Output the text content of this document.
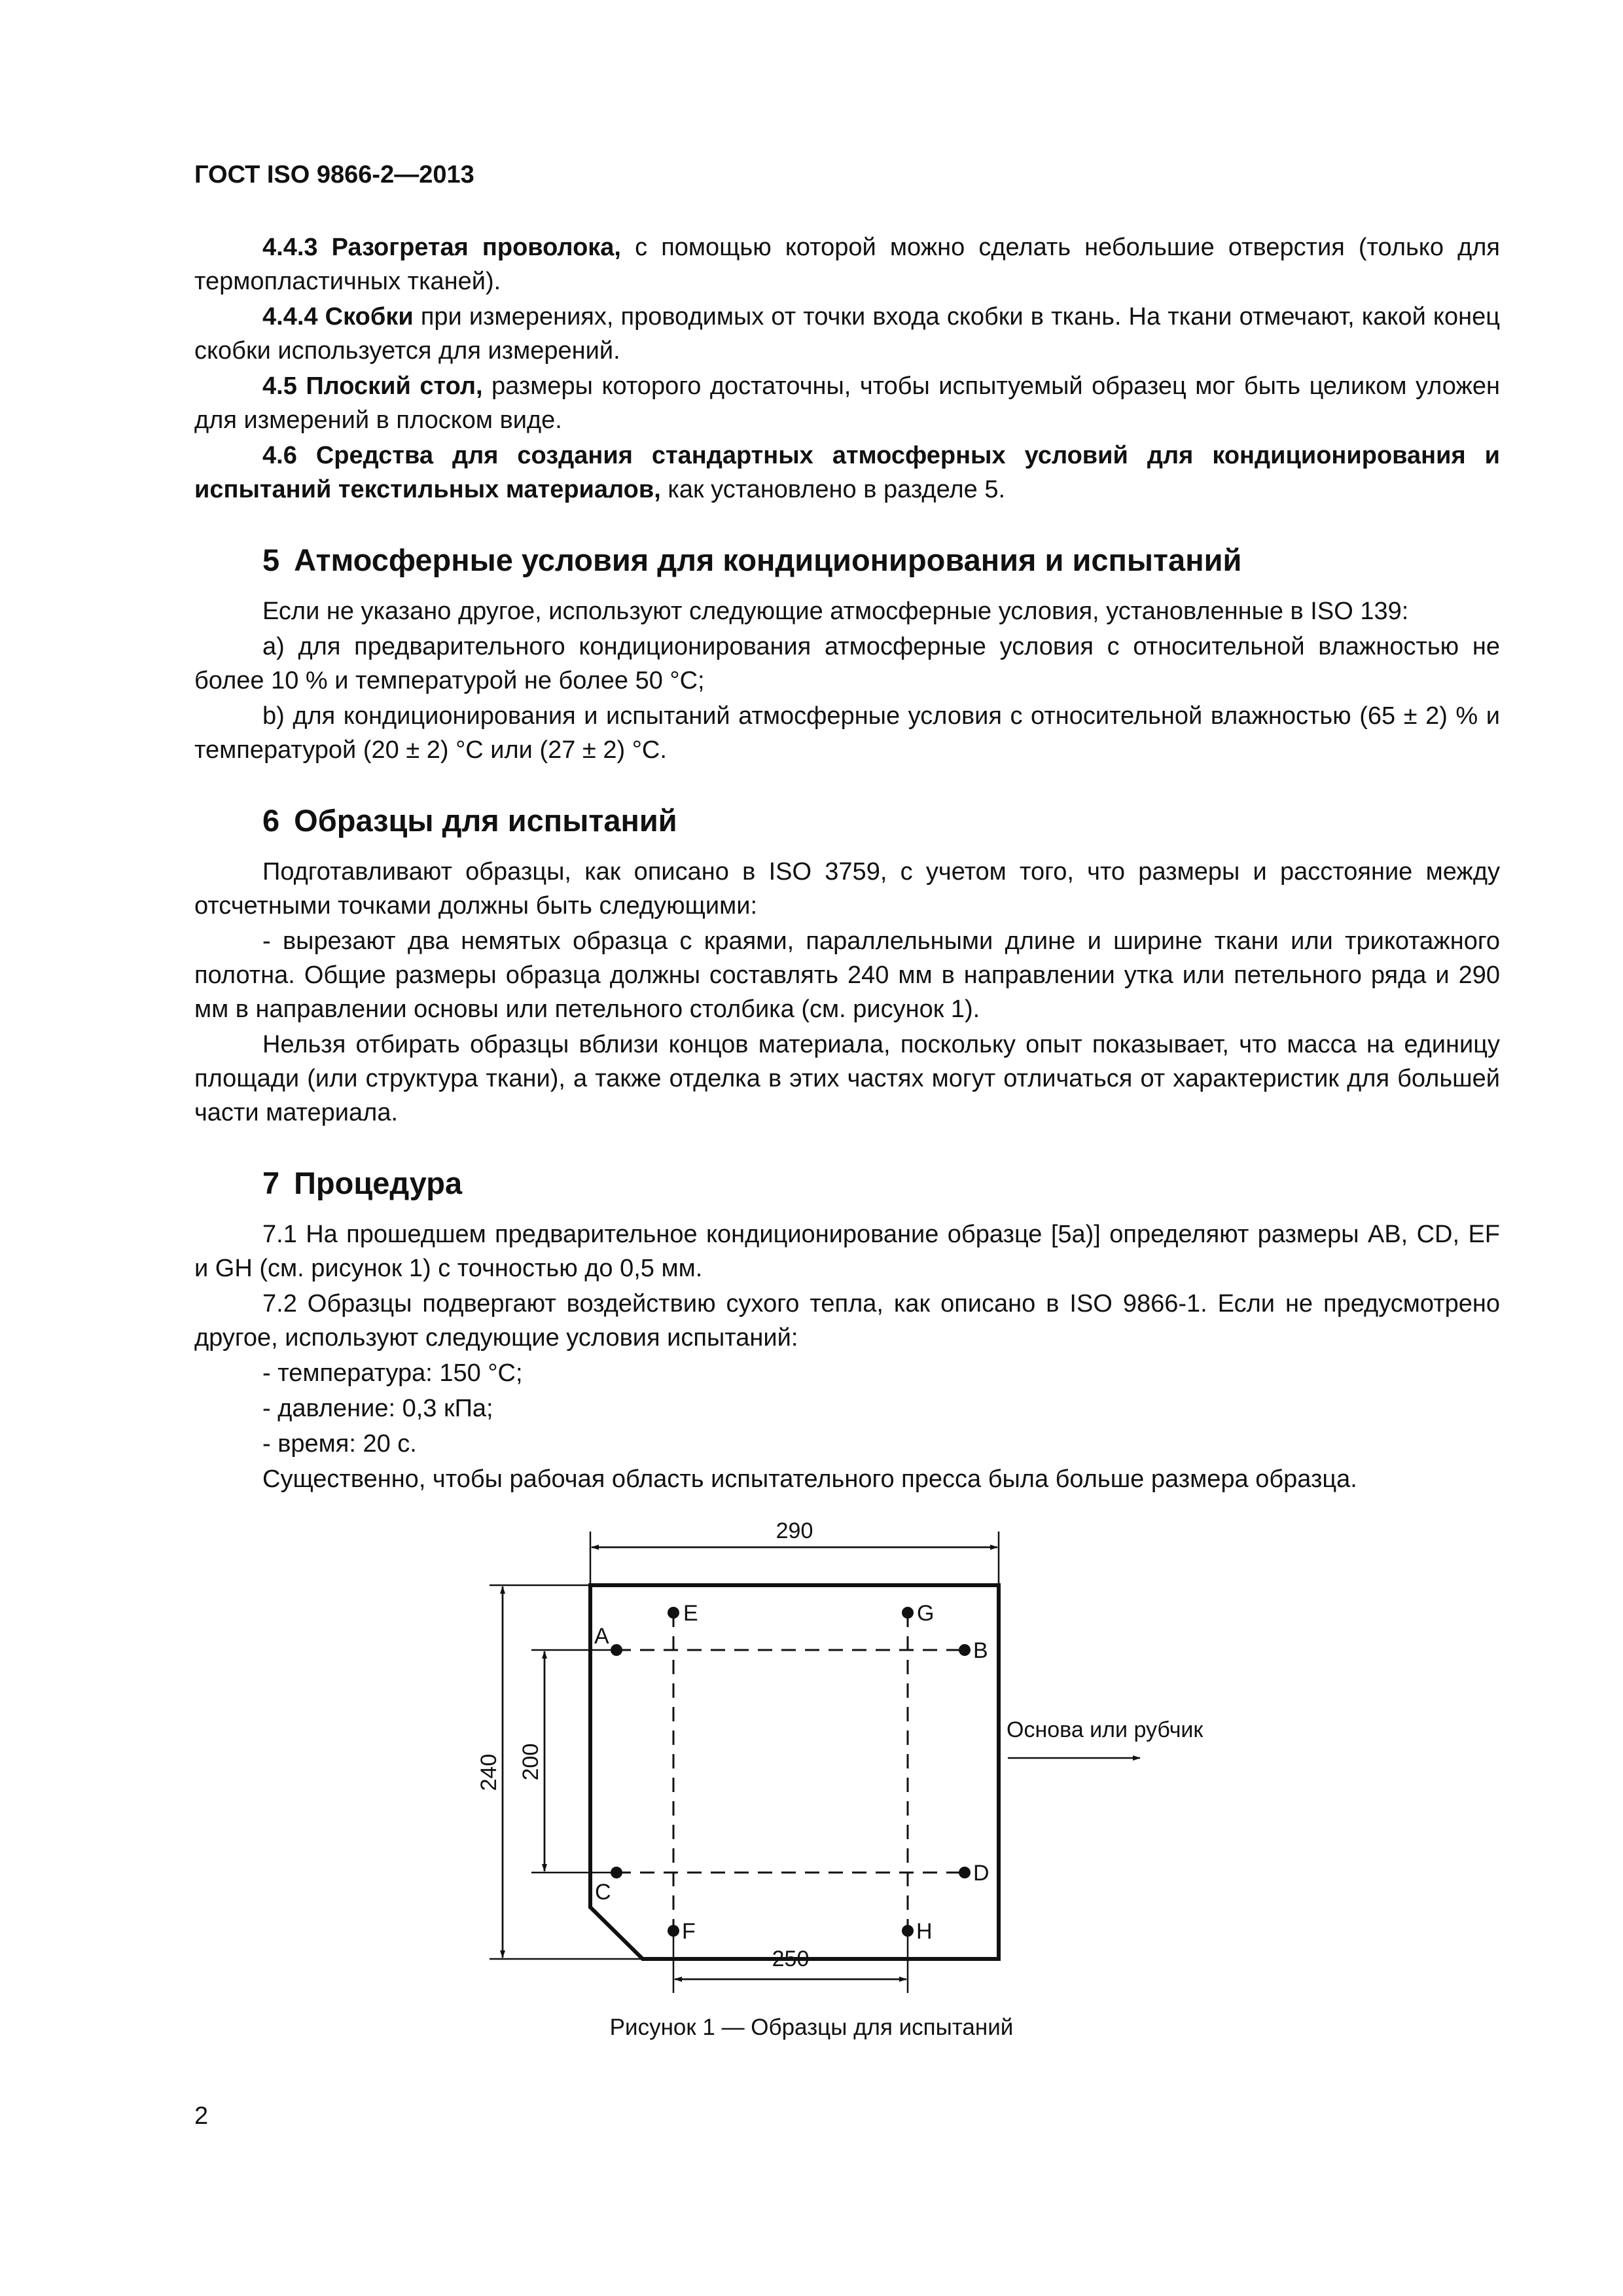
ГОСТ ISO 9866-2—2013

4.4.3 Разогретая проволока, с помощью которой можно сделать небольшие отверстия (только для термопластичных тканей).

4.4.4 Скобки при измерениях, проводимых от точки входа скобки в ткань. На ткани отмечают, какой конец скобки используется для измерений.

4.5 Плоский стол, размеры которого достаточны, чтобы испытуемый образец мог быть целиком уложен для измерений в плоском виде.

4.6 Средства для создания стандартных атмосферных условий для кондиционирования и испытаний текстильных материалов, как установлено в разделе 5.

5 Атмосферные условия для кондиционирования и испытаний

Если не указано другое, используют следующие атмосферные условия, установленные в ISO 139:

a) для предварительного кондиционирования атмосферные условия с относительной влажностью не более 10 % и температурой не более 50 °C;

b) для кондиционирования и испытаний атмосферные условия с относительной влажностью (65 ± 2) % и температурой (20 ± 2) °C или (27 ± 2) °C.

6 Образцы для испытаний

Подготавливают образцы, как описано в ISO 3759, с учетом того, что размеры и расстояние между отсчетными точками должны быть следующими:

- вырезают два немятых образца с краями, параллельными длине и ширине ткани или трикотажного полотна. Общие размеры образца должны составлять 240 мм в направлении утка или петельного ряда и 290 мм в направлении основы или петельного столбика (см. рисунок 1).

Нельзя отбирать образцы вблизи концов материала, поскольку опыт показывает, что масса на единицу площади (или структура ткани), а также отделка в этих частях могут отличаться от характеристик для большей части материала.

7 Процедура

7.1 На прошедшем предварительное кондиционирование образце [5а)] определяют размеры AB, CD, EF и GH (см. рисунок 1) с точностью до 0,5 мм.

7.2 Образцы подвергают воздействию сухого тепла, как описано в ISO 9866-1. Если не предусмотрено другое, используют следующие условия испытаний:

- температура: 150 °C;

- давление: 0,3 кПа;

- время: 20 с.

Существенно, чтобы рабочая область испытательного пресса была больше размера образца.

A
B
C
D
E
F
G
H
290
240 200
250
Основа или рубчик
Рисунок 1 — Образцы для испытаний
2
